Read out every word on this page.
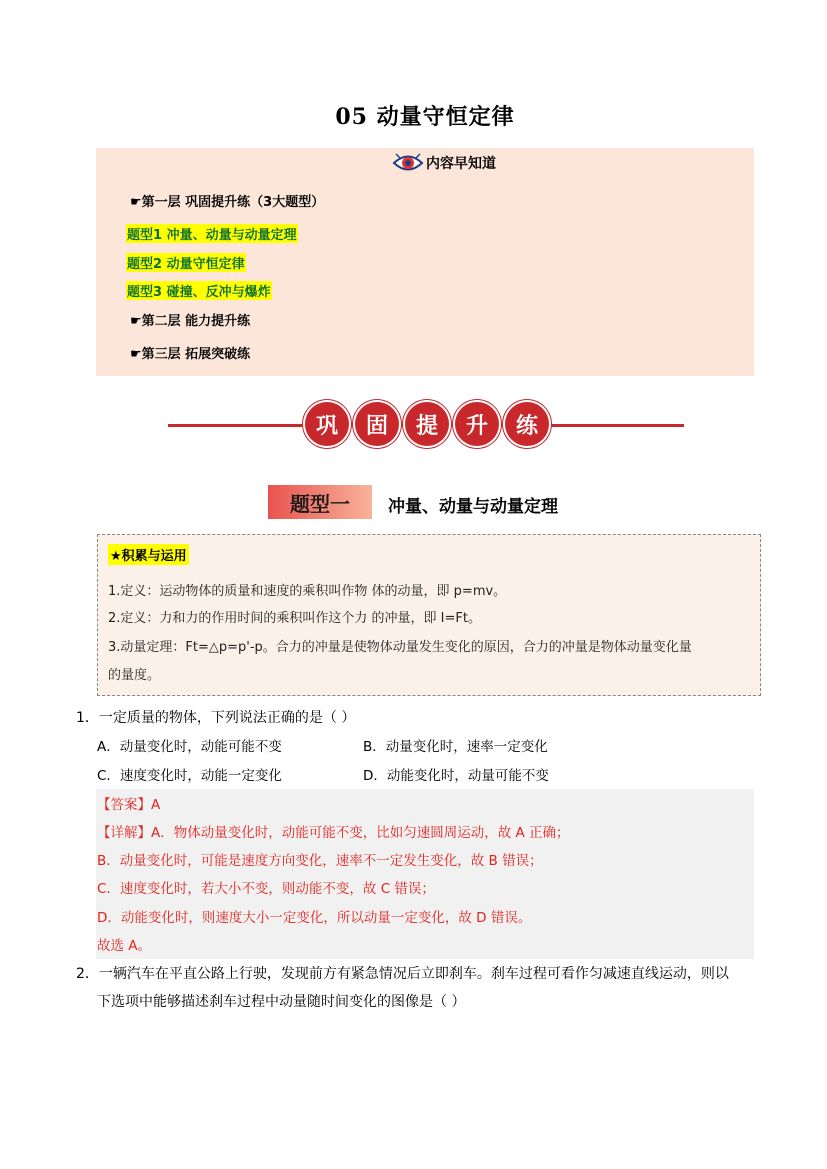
05 动量守恒定律
内容早知道
☛第一层 巩固提升练（3大题型）
题型1 冲量、动量与动量定理
题型2 动量守恒定律
题型3 碰撞、反冲与爆炸
☛第二层 能力提升练
☛第三层 拓展突破练
巩	固	提	升	练
题型一	冲量、动量与动量定理
★积累与运用
1.定义：运动物体的质量和速度的乘积叫作物 体的动量，即 p=mv。
2.定义：力和力的作用时间的乘积叫作这个力 的冲量，即 I=Ft。
3.动量定理：Ft=△p=p'-p。合力的冲量是使物体动量发生变化的原因，合力的冲量是物体动量变化量
的量度。
1．一定质量的物体，下列说法正确的是（ ）
A．动量变化时，动能可能不变	B．动量变化时，速率一定变化
C．速度变化时，动能一定变化	D．动能变化时，动量可能不变
【答案】A
【详解】A．物体动量变化时，动能可能不变，比如匀速圆周运动，故 A 正确；
B．动量变化时，可能是速度方向变化，速率不一定发生变化，故 B 错误；
C．速度变化时，若大小不变，则动能不变，故 C 错误；
D．动能变化时，则速度大小一定变化，所以动量一定变化，故 D 错误。
故选 A。
2．一辆汽车在平直公路上行驶，发现前方有紧急情况后立即刹车。刹车过程可看作匀减速直线运动，则以
下选项中能够描述刹车过程中动量随时间变化的图像是（ ）
